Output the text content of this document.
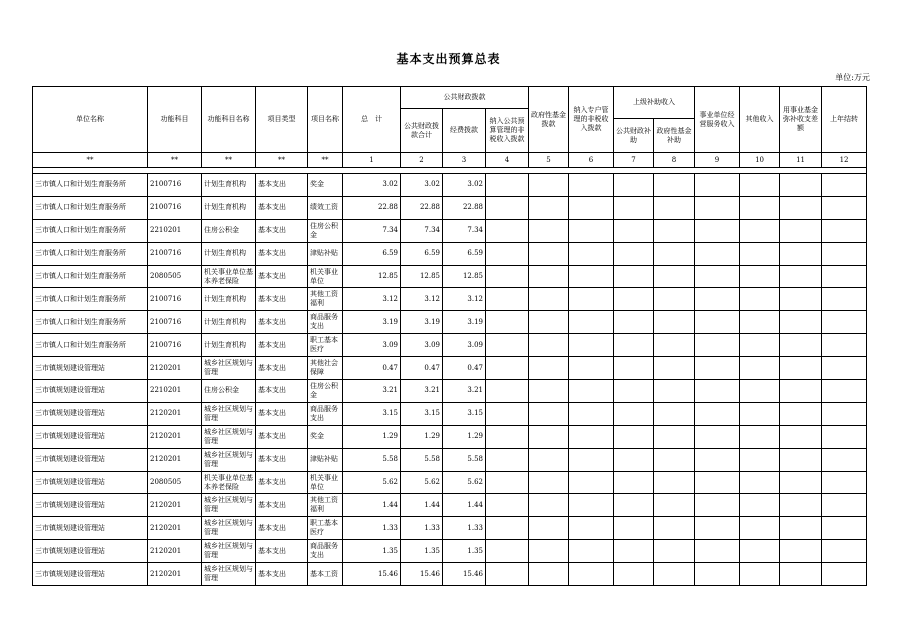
基本支出预算总表
单位:万元
单位名称	功能科目	功能科目名称	项目类型	项目名称	总　计	公共财政拨款			政府性基金拨款	纳入专户管理的非税收入拨款	上级补助收入		事业单位经营服务收入	其他收入	用事业基金弥补收支差额	上年结转
						公共财政拨款合计	经费拨款	纳入公共预算管理的非税收入拨款								
											公共财政补助	政府性基金补助				
**	**	**	**	**	1	2	3	4	5	6	7	8	9	10	11	12

三市镇人口和计划生育服务所	2100716	计划生育机构	基本支出	奖金	3.02	3.02	3.02									
三市镇人口和计划生育服务所	2100716	计划生育机构	基本支出	绩效工资	22.88	22.88	22.88									
三市镇人口和计划生育服务所	2210201	住房公积金	基本支出	住房公积金	7.34	7.34	7.34									
三市镇人口和计划生育服务所	2100716	计划生育机构	基本支出	津贴补贴	6.59	6.59	6.59									
三市镇人口和计划生育服务所	2080505	机关事业单位基本养老保险	基本支出	机关事业单位	12.85	12.85	12.85									
三市镇人口和计划生育服务所	2100716	计划生育机构	基本支出	其他工资福利	3.12	3.12	3.12									
三市镇人口和计划生育服务所	2100716	计划生育机构	基本支出	商品服务支出	3.19	3.19	3.19									
三市镇人口和计划生育服务所	2100716	计划生育机构	基本支出	职工基本医疗	3.09	3.09	3.09									
三市镇规划建设管理站	2120201	城乡社区规划与管理	基本支出	其他社会保障	0.47	0.47	0.47									
三市镇规划建设管理站	2210201	住房公积金	基本支出	住房公积金	3.21	3.21	3.21									
三市镇规划建设管理站	2120201	城乡社区规划与管理	基本支出	商品服务支出	3.15	3.15	3.15									
三市镇规划建设管理站	2120201	城乡社区规划与管理	基本支出	奖金	1.29	1.29	1.29									
三市镇规划建设管理站	2120201	城乡社区规划与管理	基本支出	津贴补贴	5.58	5.58	5.58									
三市镇规划建设管理站	2080505	机关事业单位基本养老保险	基本支出	机关事业单位	5.62	5.62	5.62									
三市镇规划建设管理站	2120201	城乡社区规划与管理	基本支出	其他工资福利	1.44	1.44	1.44									
三市镇规划建设管理站	2120201	城乡社区规划与管理	基本支出	职工基本医疗	1.33	1.33	1.33									
三市镇规划建设管理站	2120201	城乡社区规划与管理	基本支出	商品服务支出	1.35	1.35	1.35									
三市镇规划建设管理站	2120201	城乡社区规划与管理	基本支出	基本工资	15.46	15.46	15.46									
